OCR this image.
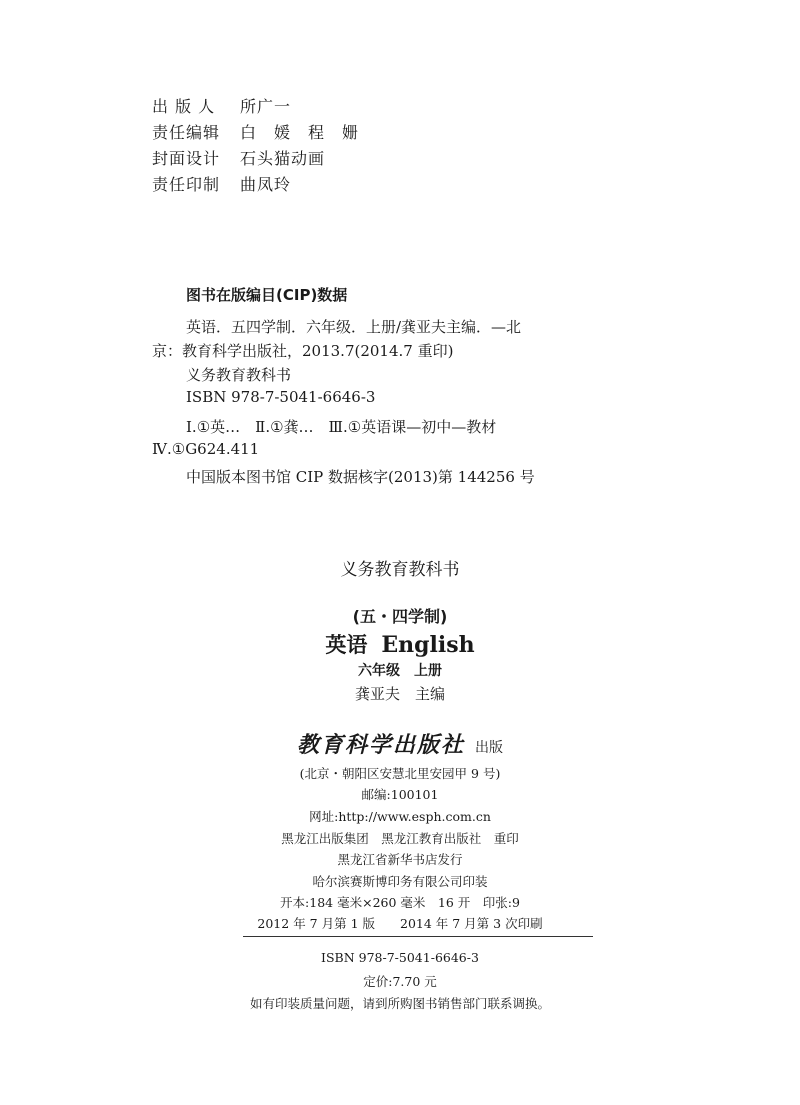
出 版 人 所广一
责任编辑 白　媛　程　姗
封面设计 石头猫动画
责任印制 曲凤玲
图书在版编目(CIP)数据
英语．五四学制．六年级．上册/龚亚夫主编．—北
京：教育科学出版社，2013.7(2014.7 重印)
义务教育教科书
ISBN 978-7-5041-6646-3
Ⅰ.①英…　Ⅱ.①龚…　Ⅲ.①英语课—初中—教材
Ⅳ.①G624.411
中国版本图书馆 CIP 数据核字(2013)第 144256 号
义务教育教科书
(五・四学制)
英语 English
六年级　上册
龚亚夫　主编
教育科学出版社 出版
(北京・朝阳区安慧北里安园甲 9 号)
邮编:100101
网址:http://www.esph.com.cn
黑龙江出版集团　黑龙江教育出版社　重印
黑龙江省新华书店发行
哈尔滨赛斯博印务有限公司印装
开本:184 毫米×260 毫米　16 开　印张:9
2012 年 7 月第 1 版　　2014 年 7 月第 3 次印刷
ISBN 978-7-5041-6646-3
定价:7.70 元
如有印装质量问题，请到所购图书销售部门联系调换。
